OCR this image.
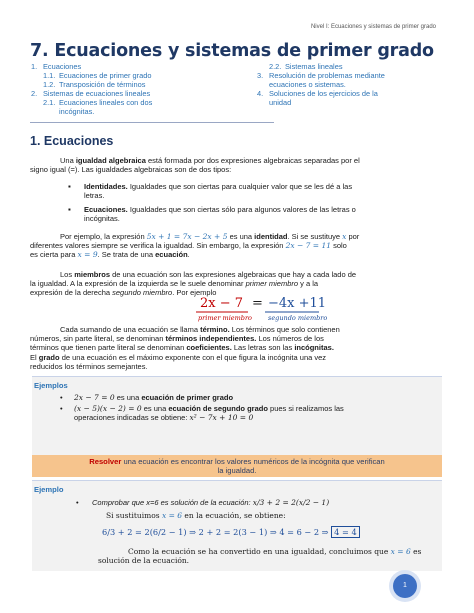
Nivel I: Ecuaciones y sistemas de primer grado
7. Ecuaciones y sistemas de primer grado
1. Ecuaciones
1.1. Ecuaciones de primer grado
1.2. Transposición de términos
2. Sistemas de ecuaciones lineales
2.1. Ecuaciones lineales con dos
incógnitas.
2.2. Sistemas lineales
3. Resolución de problemas mediante
ecuaciones o sistemas.
4. Soluciones de los ejercicios de la
unidad
1. Ecuaciones
Una igualdad algebraica está formada por dos expresiones algebraicas separadas por el
signo igual (=). Las igualdades algebraicas son de dos tipos:
▪ Identidades. Igualdades que son ciertas para cualquier valor que se les dé a las
letras.
▪ Ecuaciones. Igualdades que son ciertas sólo para algunos valores de las letras o
incógnitas.
Por ejemplo, la expresión 5x + 1 = 7x − 2x + 5 es una identidad. Si se sustituye x por
diferentes valores siempre se verifica la igualdad. Sin embargo, la expresión 2x − 7 = 11 solo
es cierta para x = 9. Se trata de una ecuación.
Los miembros de una ecuación son las expresiones algebraicas que hay a cada lado de
la igualdad. A la expresión de la izquierda se le suele denominar primer miembro y a la
expresión de la derecha segundo miembro. Por ejemplo
2x − 7 = −4x +11
primer miembro segundo miembro
Cada sumando de una ecuación se llama término. Los términos que solo contienen
números, sin parte literal, se denominan términos independientes. Los números de los
términos que tienen parte literal se denominan coeficientes. Las letras son las incógnitas.
El grado de una ecuación es el máximo exponente con el que figura la incógnita una vez
reducidos los términos semejantes.
Ejemplos
• 2x − 7 = 0 es una ecuación de primer grado
• (x − 5)(x − 2) = 0 es una ecuación de segundo grado pues si realizamos las
operaciones indicadas se obtiene: x² − 7x + 10 = 0
Resolver una ecuación es encontrar los valores numéricos de la incógnita que verifican
la igualdad.
Ejemplo
• Comprobar que x=6 es solución de la ecuación: x/3 + 2 = 2(x/2 − 1)
Si sustituimos x = 6 en la ecuación, se obtiene:
6/3 + 2 = 2(6/2 − 1) ⇒ 2 + 2 = 2(3 − 1) ⇒ 4 = 6 − 2 ⇒ 4 = 4
Como la ecuación se ha convertido en una igualdad, concluimos que x = 6 es
solución de la ecuación.
1
